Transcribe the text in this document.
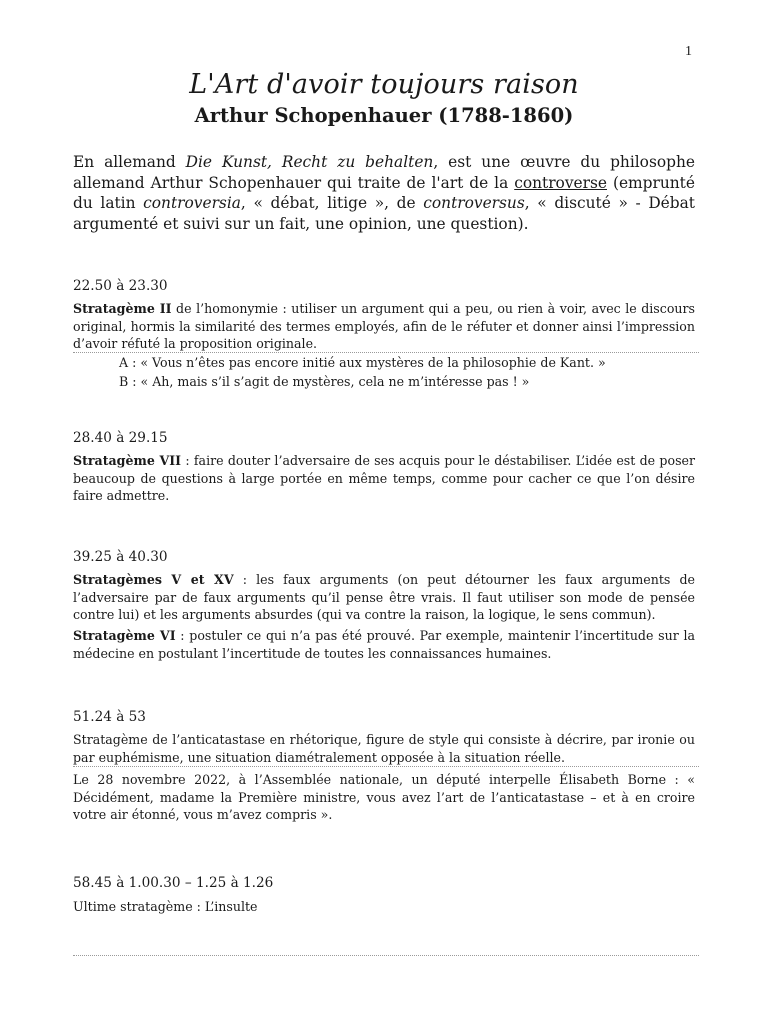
1
L'Art d'avoir toujours raison
Arthur Schopenhauer (1788-1860)
En allemand Die Kunst, Recht zu behalten, est une œuvre du philosophe allemand Arthur Schopenhauer qui traite de l'art de la controverse (emprunté du latin controversia, « débat, litige », de controversus, « discuté » - Débat argumenté et suivi sur un fait, une opinion, une question).
22.50 à 23.30
Stratagème II de l’homonymie : utiliser un argument qui a peu, ou rien à voir, avec le discours original, hormis la similarité des termes employés, afin de le réfuter et donner ainsi l’impression d’avoir réfuté la proposition originale.
A : « Vous n’êtes pas encore initié aux mystères de la philosophie de Kant. »
B : « Ah, mais s’il s’agit de mystères, cela ne m’intéresse pas ! »
28.40 à 29.15
Stratagème VII : faire douter l’adversaire de ses acquis pour le déstabiliser. L’idée est de poser beaucoup de questions à large portée en même temps, comme pour cacher ce que l’on désire faire admettre.
39.25 à 40.30
Stratagèmes V et XV : les faux arguments (on peut détourner les faux arguments de l’adversaire par de faux arguments qu’il pense être vrais. Il faut utiliser son mode de pensée contre lui) et les arguments absurdes (qui va contre la raison, la logique, le sens commun).
Stratagème VI : postuler ce qui n’a pas été prouvé. Par exemple, maintenir l’incertitude sur la médecine en postulant l’incertitude de toutes les connaissances humaines.
51.24 à 53
Stratagème de l’anticatastase en rhétorique, figure de style qui consiste à décrire, par ironie ou par euphémisme, une situation diamétralement opposée à la situation réelle.
Le 28 novembre 2022, à l’Assemblée nationale, un député interpelle Élisabeth Borne : « Décidément, madame la Première ministre, vous avez l’art de l’anticatastase – et à en croire votre air étonné, vous m’avez compris ».
58.45 à 1.00.30 – 1.25 à 1.26
Ultime stratagème : L’insulte
